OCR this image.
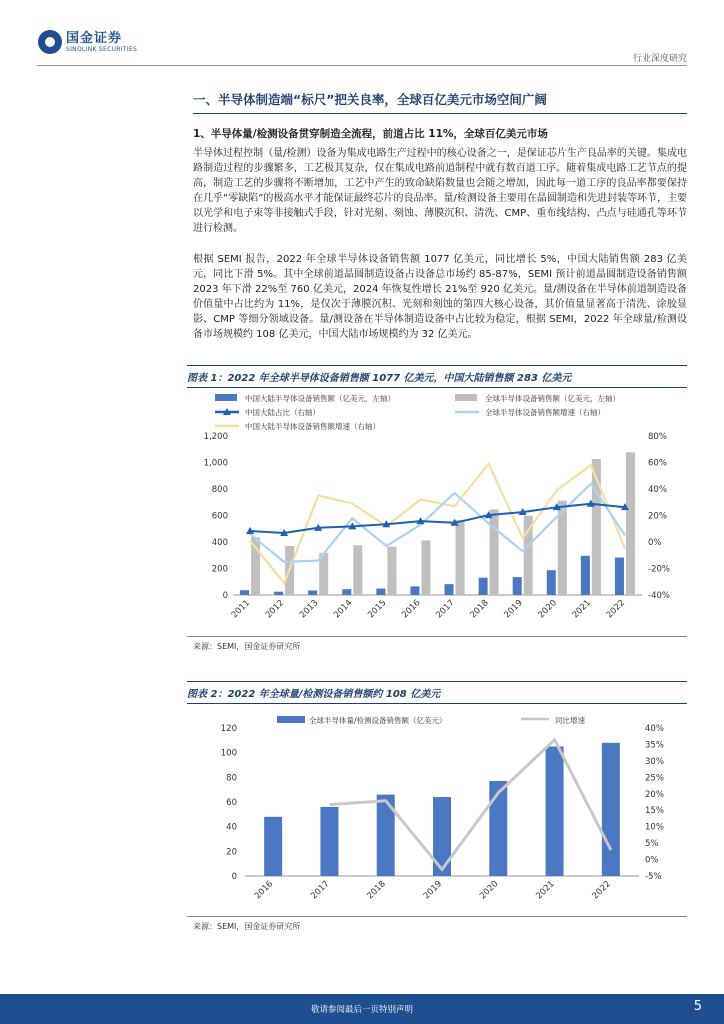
国金证券
SINOLINK SECURITIES
行业深度研究
一、半导体制造端“标尺”把关良率，全球百亿美元市场空间广阔
1、半导体量/检测设备贯穿制造全流程，前道占比 11%，全球百亿美元市场
半导体过程控制（量/检测）设备为集成电路生产过程中的核心设备之一，是保证芯片生产良品率的关键。集成电路制造过程的步骤繁多，工艺极其复杂，仅在集成电路前道制程中就有数百道工序。随着集成电路工艺节点的提高，制造工艺的步骤将不断增加，工艺中产生的致命缺陷数量也会随之增加，因此每一道工序的良品率都要保持在几乎“零缺陷”的极高水平才能保证最终芯片的良品率。量/检测设备主要用在晶圆制造和先进封装等环节，主要以光学和电子束等非接触式手段，针对光刻、刻蚀、薄膜沉积、清洗、CMP、重布线结构、凸点与硅通孔等环节进行检测。
根据 SEMI 报告，2022 年全球半导体设备销售额 1077 亿美元，同比增长 5%，中国大陆销售额 283 亿美元，同比下滑 5%。其中全球前道晶圆制造设备占设备总市场约 85-87%，SEMI 预计前道晶圆制造设备销售额 2023 年下滑 22%至 760 亿美元，2024 年恢复性增长 21%至 920 亿美元。量/测设备在半导体前道制造设备价值量中占比约为 11%，是仅次于薄膜沉积、光刻和刻蚀的第四大核心设备，其价值量显著高于清洗、涂胶显影、CMP 等细分领域设备。量/测设备在半导体制造设备中占比较为稳定，根据 SEMI，2022 年全球量/检测设备市场规模约 108 亿美元，中国大陆市场规模约为 32 亿美元。
图表 1：2022 年全球半导体设备销售额 1077 亿美元，中国大陆销售额 283 亿美元
中国大陆半导体设备销售额（亿美元，左轴）	全球半导体设备销售额（亿美元，左轴）
中国大陆占比（右轴）	全球半导体设备销售额增速（右轴）
中国大陆半导体设备销售额增速（右轴）
0
200
400
600
800
1,000
1,200
-40%
-20%
0%
20%
40%
60%
80%
2011 2012 2013 2014 2015 2016 2017 2018 2019 2020 2021 2022
来源：SEMI，国金证券研究所
图表 2：2022 年全球量/检测设备销售额约 108 亿美元
全球半导体量/检测设备销售额（亿美元）	同比增速
0
20
40
60
80
100
120
-5%
0%
5%
10%
15%
20%
25%
30%
35%
40%
2016	2017	2018	2019	2020	2021	2022
来源：SEMI，国金证券研究所
敬请参阅最后一页特别声明	5
